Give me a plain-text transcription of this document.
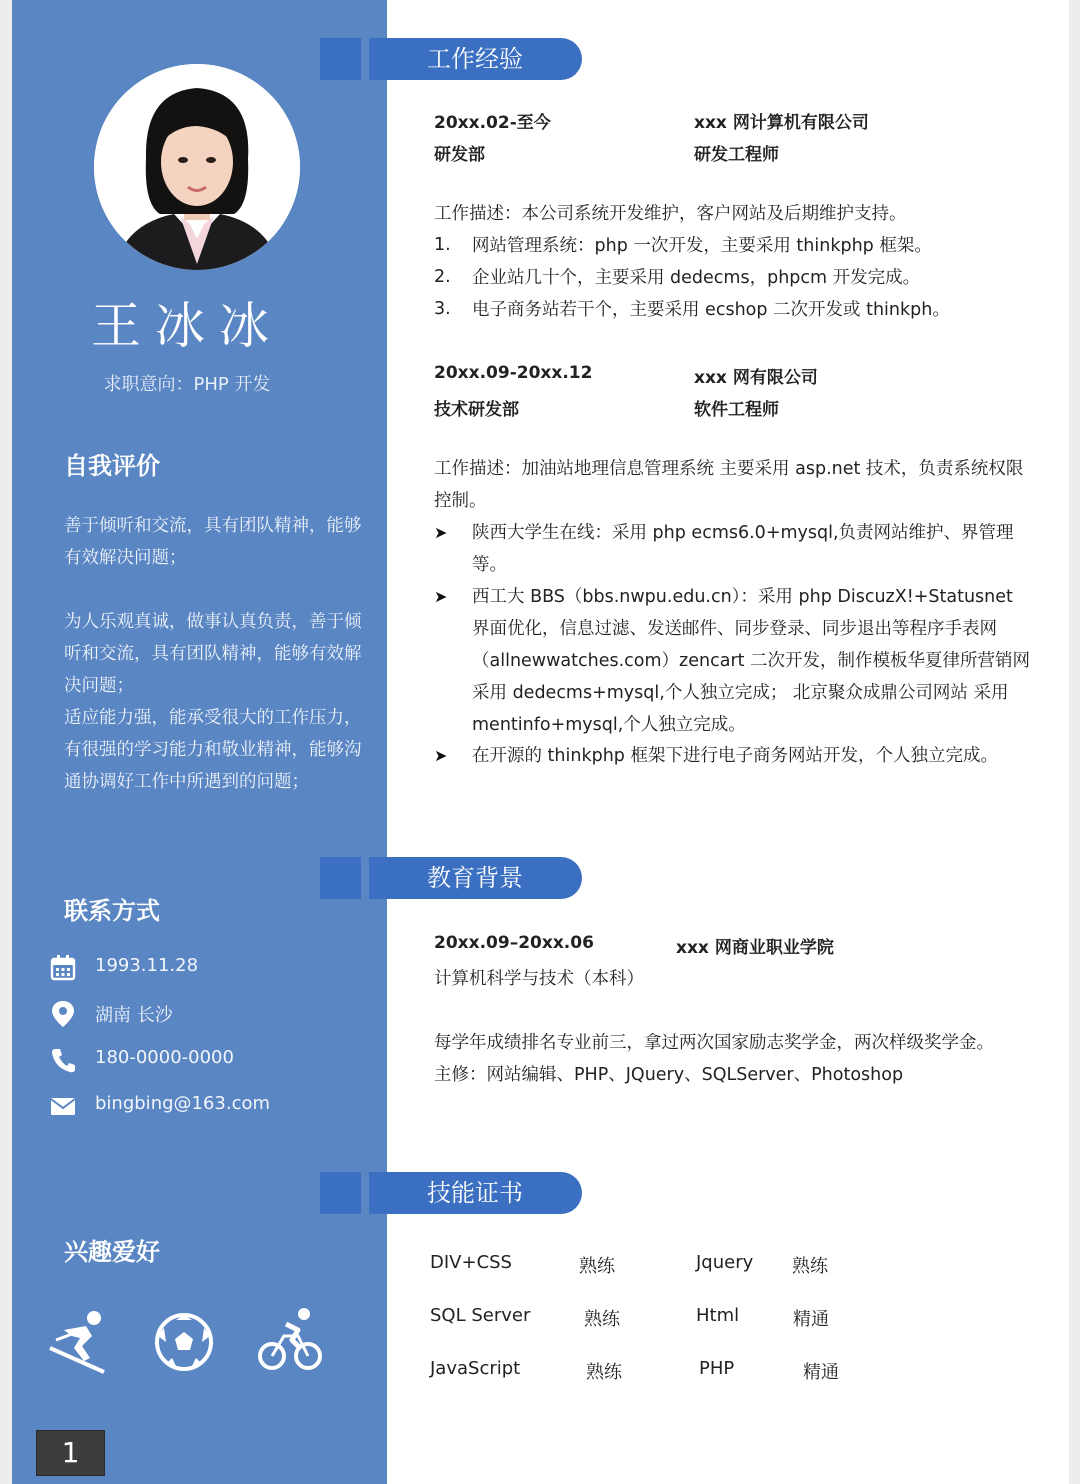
王冰冰
求职意向：PHP 开发
自我评价
善于倾听和交流，具有团队精神，能够有效解决问题；
为人乐观真诚，做事认真负责，善于倾听和交流，具有团队精神，能够有效解决问题；
适应能力强，能承受很大的工作压力，有很强的学习能力和敬业精神，能够沟通协调好工作中所遇到的问题；
联系方式
1993.11.28
湖南 长沙
180-0000-0000
bingbing@163.com
兴趣爱好
1
工作经验
20xx.02-至今	xxx 网计算机有限公司
研发部	研发工程师
工作描述：本公司系统开发维护，客户网站及后期维护支持。
1. 网站管理系统：php 一次开发，主要采用 thinkphp 框架。
2. 企业站几十个，主要采用 dedecms，phpcm 开发完成。
3. 电子商务站若干个，主要采用 ecshop 二次开发或 thinkph。
20xx.09-20xx.12	xxx 网有限公司
技术研发部	软件工程师
工作描述：加油站地理信息管理系统 主要采用 asp.net 技术，负责系统权限控制。
➤ 陕西大学生在线：采用 php ecms6.0+mysql,负责网站维护、界管理等。
➤ 西工大 BBS（bbs.nwpu.edu.cn）：采用 php DiscuzX!+Statusnet 界面优化，信息过滤、发送邮件、同步登录、同步退出等程序手表网（allnewwatches.com）zencart 二次开发，制作模板华夏律所营销网 采用 dedecms+mysql,个人独立完成； 北京聚众成鼎公司网站 采用 mentinfo+mysql,个人独立完成。
➤ 在开源的 thinkphp 框架下进行电子商务网站开发，个人独立完成。
教育背景
20xx.09–20xx.06	xxx 网商业职业学院
计算机科学与技术（本科）
每学年成绩排名专业前三，拿过两次国家励志奖学金，两次样级奖学金。
主修：网站编辑、PHP、JQuery、SQLServer、Photoshop
技能证书
DIV+CSS	熟练	Jquery 熟练
SQL Server	熟练	Html	精通
JavaScript	熟练	PHP	精通
